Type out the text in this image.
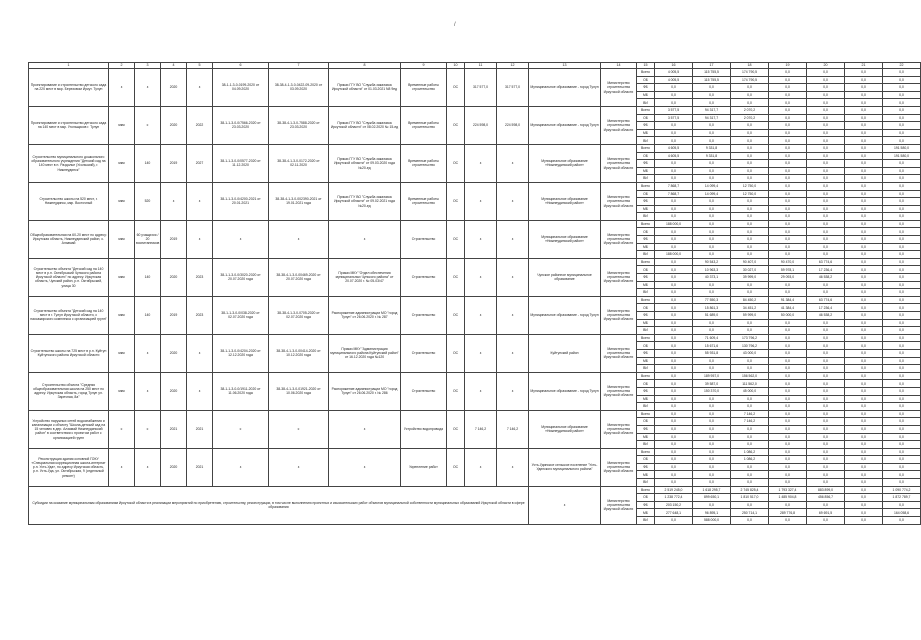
/
1	2	3	4	5	6	7	8	9	10	11	12	13	14	15	16	17	18	19	20	21	22
Проектирование и строительство детского сада на 220 мест в мкр. Березовом Иркут. Тулун	з	з	2020	з	38-1-1-3-0-0199-2020 от 04.09.2020	38-38-4-1-3-0-0422-09-2020 от 03.09.2020	Приказ ГГУ ВО "Служба заказчика Иркутской области" от 01.03.2021 N8 9ед	Временные работы строительство	ОС	317 577,0	317 577,0	Муниципальное образование - город Тулун	Министерство строительства Иркутской области	Всего	4 005,5	115 755,5	174 790,5	0,0	0,0	0,0	0,0
														ОБ	4 005,5	115 755,5	174 790,5	0,0	0,0	0,0	0,0
														ФБ	0,0	0,0	0,0	0,0	0,0	0,0	0,0
														МБ	0,0	0,0	0,0	0,0	0,0	0,0	0,0
														ВИ	0,0	0,0	0,0	0,0	0,0	0,0	0,0
Проектирование и строительство детского сада на 140 мест в мкр. Угольщиков г. Тулун	мкм	с	2020	2022	38-1-1-3-0-0/7566-2020 от 23.03.2020	38-38-4-1-3-0-7588-2020 от 23.03.2020	Приказ ГГУ ВО "Служба заказчика Иркутской области" от 08.02.2020 № 15-ед	Временные работы строительство	ОС	224 598,0	224 598,0	Муниципальное образование - город Тулун	Министерство строительства Иркутской области	Всего	3 577,5	94 317,7	2 070,2	0,0	0,0	0,0	0,0
														ОБ	3 577,5	94 317,7	2 070,2	0,0	0,0	0,0	0,0
														ФБ	0,0	0,0	0,0	0,0	0,0	0,0	0,0
														МБ	0,0	0,0	0,0	0,0	0,0	0,0	0,0
														ВИ	0,0	0,0	0,0	0,0	0,0	0,0	0,0
Строительство муниципального дошкольного образовательного учреждения "Детский сад на 140 мест в п. Раздолье (Усольский), г. Нижнеудинск"	мкм	140	2019	2027	38-1-1-3-0-0/0577-2020 от 11.12.2020	38-38-4-1-3-0-0172-2020 от 02.11.2020	Приказ ГГУ ВО "Служба заказчика Иркутской области" от 09.03.2020 года №20-ед	Временные работы строительство	ОС	з	з	Муниципальное образование «Нижнеудинский район»	Министерство строительства Иркутской области	Всего	4 605,5	9 331,8	0,0	0,0	0,0	0,0	191 580,0
														ОБ	4 605,5	9 331,8	0,0	0,0	0,0	0,0	191 580,0
														ФБ	0,0	0,0	0,0	0,0	0,0	0,0	0,0
														МБ	0,0	0,0	0,0	0,0	0,0	0,0	0,0
														ВИ	0,0	0,0	0,0	0,0	0,0	0,0	0,0
Строительство школы на 520 мест, г. Нижнеудинск, мкр. Восточный	мкм	520	з	з	38-1-1-3-0-0/4200-2021 от 20.01.2021	38-38-4-1-3-0-002390-2021 от 19.01.2021 года	Приказ ГГУ ВО "Служба заказчика Иркутской области" от 09.02.2021 года №20-ед	Временные работы строительство	ОС	з	з	Муниципальное образование «Нижнеудинский район»	Министерство строительства Иркутской области	Всего	7 868,7	14 099,4	12 750,0	0,0	0,0	0,0	0,0
														ОБ	7 868,7	14 099,4	12 750,0	0,0	0,0	0,0	0,0
														ФБ	0,0	0,0	0,0	0,0	0,0	0,0	0,0
														МБ	0,0	0,0	0,0	0,0	0,0	0,0	0,0
														ВИ	0,0	0,0	0,0	0,0	0,0	0,0	0,0
Общеобразовательная на 60-20 мест по адресу: Иркутская область, Нижнеудинский район, с. Алзамай	мкм	60 учащихся / 20 воспитанников	2019	з	з	з	з	Строительство	ОС	з	з	Муниципальное образование «Нижнеудинский район»	Министерство строительства Иркутской области	Всего	188 000,0	0,0	0,0	0,0	0,0	0,0	0,0
														ОБ	0,0	0,0	0,0	0,0	0,0	0,0	0,0
														ФБ	0,0	0,0	0,0	0,0	0,0	0,0	0,0
														МБ	0,0	0,0	0,0	0,0	0,0	0,0	0,0
														ВИ	188 000,0	0,0	0,0	0,0	0,0	0,0	0,0
Строительство объекта "Детский сад на 140 мест в р.п. Октябрьский Чунского района Иркутской области" по адресу: Иркутская область, Чунский район, р.п. Октябрьский, улица 30	мкм	140	2020	2023	38-1-1-3-0-0/3020-2020 от 20.07.2020 года	38-38-4-1-3-0-00469-2020 от 20.07.2020 года	Приказ МКУ "Отдел обеспечения муниципальных Чунского района" от 20.07.2020 г. № 05-03/47	Строительство	ОС	з	з	Чунское районное муниципальное образование	Министерство строительства Иркутской области	Всего	0,0	90 543,2	90 407,0	90 470,0	63 774,6	0,0	0,0
														ОБ	0,0	10 963,3	30 027,0	59 978,1	17 236,4	0,0	0,0
														ФБ	0,0	40 373,1	39 999,0	29 093,0	46 538,2	0,0	0,0
														МБ	0,0	0,0	0,0	0,0	0,0	0,0	0,0
														ВИ	0,0	0,0	0,0	0,0	0,0	0,0	0,0
Строительство объекта "Детский сад на 140 мест в г. Тулун Иркутской области, с пассажирского комплекса с организацией групп"	мкм	140	2019	2023	38-1-1-3-0-0/038-2020 от 02.07.2020 года	38-38-4-1-3-0-0705-2020 от 02.07.2020 года	Распоряжение администрации МО "город Тулун" от 26.06.2020 г. № 287	Строительство	ОС	з	з	Муниципальное образование - город Тулун	Министерство строительства Иркутской области	Всего	0,0	77 550,3	84 450,2	91 384,4	63 774,6	0,0	0,0
														ОБ	0,0	15 861,3	34 451,2	41 384,4	17 236,4	0,0	0,0
														ФБ	0,0	51 689,0	59 999,0	50 000,0	46 538,2	0,0	0,0
														МБ	0,0	0,0	0,0	0,0	0,0	0,0	0,0
														ВИ	0,0	0,0	0,0	0,0	0,0	0,0	0,0
Строительство школы на 725 мест в р.п. Куйтун Куйтунского района Иркутской области	мкм	з	2020	з	38-1-1-3-0-0/4204-2020 от 12.12.2020 года	38-38-4-1-3-0-00414-2020 от 10.12.2020 года	Приказ МКУ "Администрация муниципального района Куйтунский район" от 16.12.2020 года №120	Строительство	ОС	з	з	Куйтунский район	Министерство строительства Иркутской области	Всего	0,0	71 609,4	173 796,2	0,0	0,0	0,0	0,0
														ОБ	0,0	15 671,6	130 796,2	0,0	0,0	0,0	0,0
														ФБ	0,0	55 931,8	43 000,0	0,0	0,0	0,0	0,0
														МБ	0,0	0,0	0,0	0,0	0,0	0,0	0,0
														ВИ	0,0	0,0	0,0	0,0	0,0	0,0	0,0
Строительство объекта "Средняя общеобразовательная школа на 250 мест по адресу: Иркутская область, город Тулун ул. Заречная, 8а"	мкм	з	2020	з	38-1-1-3-0-0/1911-2020 от 11.06.2020 года	38-38-4-1-3-0-01921-2020 от 10.06.2020 года	Распоряжение администрации МО "город Тулун" от 26.06.2020 г. № 286	Строительство	ОС	з	з	Муниципальное образование - город Тулун	Министерство строительства Иркутской области	Всего	0,0	189 957,0	156 562,0	0,0	0,0	0,0	0,0
														ОБ	0,0	39 587,0	111 562,0	0,0	0,0	0,0	0,0
														ФБ	0,0	150 370,0	45 000,0	0,0	0,0	0,0	0,0
														МБ	0,0	0,0	0,0	0,0	0,0	0,0	0,0
														ВИ	0,0	0,0	0,0	0,0	0,0	0,0	0,0
Устройство наружных сетей водоснабжения и канализации к объекту "Школа-детский сад на 15 человек в дер. Алзамай Нижнеудинский район" в соответствии с проектом работ с организацией групп	с	с	2021	2021	с	с	з	Устройство водопровода	ОС	7 146,2	7 146,2	Муниципальное образование «Нижнеудинский район»	Министерство строительства Иркутской области	Всего	0,0	0,0	7 146,2	0,0	0,0	0,0	0,0
														ОБ	0,0	0,0	7 146,2	0,0	0,0	0,0	0,0
														ФБ	0,0	0,0	0,0	0,0	0,0	0,0	0,0
														МБ	0,0	0,0	0,0	0,0	0,0	0,0	0,0
														ВИ	0,0	0,0	0,0	0,0	0,0	0,0	0,0
Реконструкция здания основной ГОКУ «Специальная коррекционная школа-интернат р.п. Усть-Уда», по адресу Иркутская область, р.п. Усть-Уда, ул. Октябрьская, 9 (отдельный ремонт)	з	з	2020	2021	з	з	з	Укрепление работ	ОС	з	з	Усть-Удинское сельское поселение "Усть-Удинского муниципального района"	Министерство строительства Иркутской области	Всего	0,0	0,0	1 086,2	0,0	0,0	0,0	0,0
														ОБ	0,0	0,0	1 086,2	0,0	0,0	0,0	0,0
														ФБ	0,0	0,0	0,0	0,0	0,0	0,0	0,0
														МБ	0,0	0,0	0,0	0,0	0,0	0,0	0,0
														ВИ	0,0	0,0	0,0	0,0	0,0	0,0	0,0
Субсидии на оказание муниципальным образованиям Иркутской области в реализации мероприятий по приобретению, строительству, реконструкции, в том числе выполнению проектных и изыскательских работ объектов муниципальной собственности муниципальных образований Иркутской области в сфере образования												з	Министерство строительства Иркутской области	Всего	2 519 245,0	1 618 295,7	2 745 825,4	1 793 327,4	883 899,0	0,0	1 090 774,2
														ОБ	1 238 772,4	899 650,1	1 810 517,0	1 485 904,8	456 856,7	0,0	1 872 789,7
														ФБ	203 150,2	0,0	0,0	0,0	0,0	0,0	0,0
														МБ	277 648,1	96 895,1	250 714,1	289 776,8	69 691,5	0,0	164 058,6
														ВИ	0,0	588 000,0	0,0	0,0	0,0	0,0	0,0
